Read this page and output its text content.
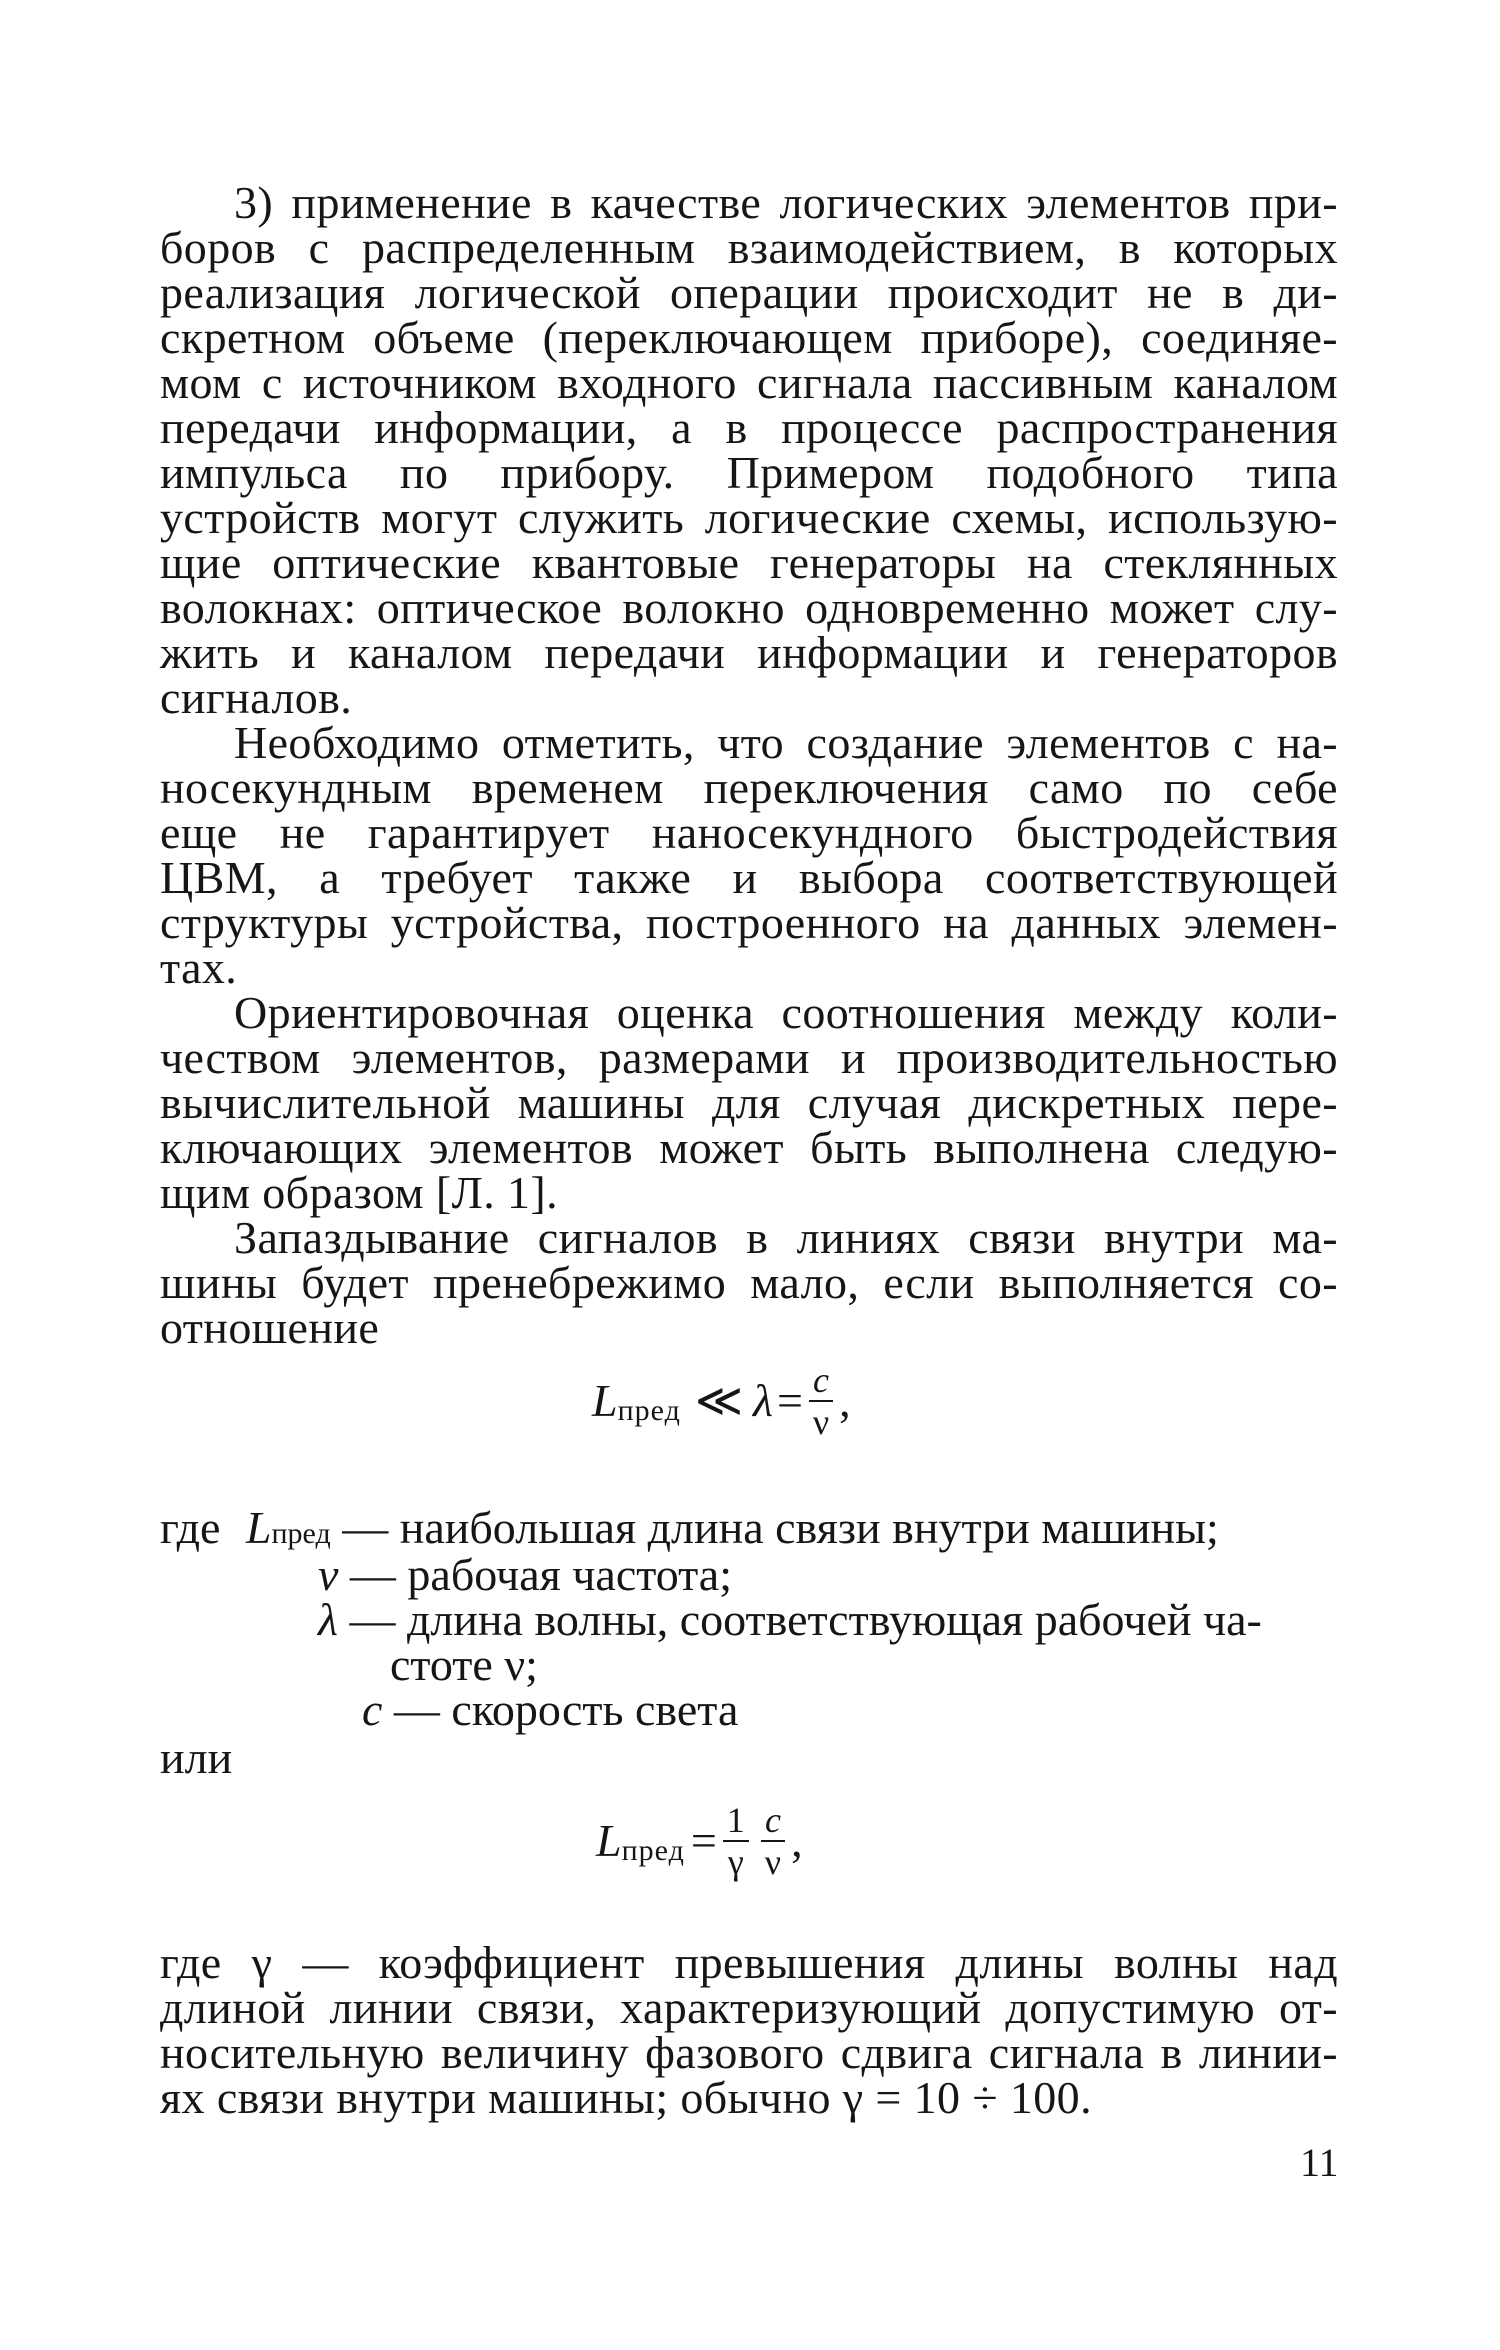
3) применение в качестве логических элементов при-
боров с распределенным взаимодействием, в которых
реализация логической операции происходит не в ди-
скретном объеме (переключающем приборе), соединяе-
мом с источником входного сигнала пассивным каналом
передачи информации, а в процессе распространения
импульса по прибору. Примером подобного типа
устройств могут служить логические схемы, использую-
щие оптические квантовые генераторы на стеклянных
волокнах: оптическое волокно одновременно может слу-
жить и каналом передачи информации и генераторов
сигналов.
Необходимо отметить, что создание элементов с на-
носекундным временем переключения само по себе
еще не гарантирует наносекундного быстродействия
ЦВМ, а требует также и выбора соответствующей
структуры устройства, построенного на данных элемен-
тах.
Ориентировочная оценка соотношения между коли-
чеством элементов, размерами и производительностью
вычислительной машины для случая дискретных пере-
ключающих элементов может быть выполнена следую-
щим образом [Л. 1].
Запаздывание сигналов в линиях связи внутри ма-
шины будет пренебрежимо мало, если выполняется со-
отношение
L пред ≪ $\lambda = \frac{c}{\nu}$ ,
где Lпред — наибольшая длина связи внутри машины;
ν — рабочая частота;
λ — длина волны, соответствующая рабочей ча-
стоте ν;
c — скорость света
или
L пред = $\frac{1}{\gamma} \frac{c}{\nu}$ ,
где γ — коэффициент превышения длины волны над
длиной линии связи, характеризующий допустимую от-
носительную величину фазового сдвига сигнала в линии-
ях связи внутри машины; обычно γ = 10 ÷ 100.
11
